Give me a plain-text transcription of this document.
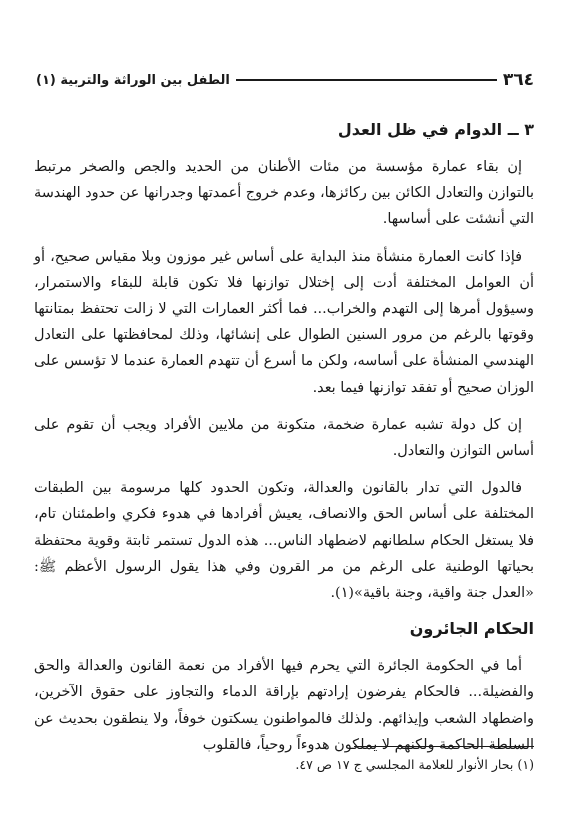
٣٦٤
الطفل بين الوراثة والتربية (١)
٣ ــ الدوام في ظل العدل

إن بقاء عمارة مؤسسة من مئات الأطنان من الحديد والجص والصخر مرتبط بالتوازن والتعادل الكائن بين ركائزها، وعدم خروج أعمدتها وجدرانها عن حدود الهندسة التي أنشئت على أساسها.

فإذا كانت العمارة منشأة منذ البداية على أساس غير موزون وبلا مقياس صحيح، أو أن العوامل المختلفة أدت إلى إختلال توازنها فلا تكون قابلة للبقاء والاستمرار، وسيؤول أمرها إلى التهدم والخراب... فما أكثر العمارات التي لا زالت تحتفظ بمتانتها وقوتها بالرغم من مرور السنين الطوال على إنشائها، وذلك لمحافظتها على التعادل الهندسي المنشأة على أساسه، ولكن ما أسرع أن تتهدم العمارة عندما لا تؤسس على الوزان صحيح أو تفقد توازنها فيما بعد.

إن كل دولة تشبه عمارة ضخمة، متكونة من ملايين الأفراد ويجب أن تقوم على أساس التوازن والتعادل.

فالدول التي تدار بالقانون والعدالة، وتكون الحدود كلها مرسومة بين الطبقات المختلفة على أساس الحق والانصاف، يعيش أفرادها في هدوء فكري واطمئنان تام، فلا يستغل الحكام سلطانهم لاضطهاد الناس... هذه الدول تستمر ثابتة وقوية محتفظة بحياتها الوطنية على الرغم من مر القرون وفي هذا يقول الرسول الأعظم ﷺ: «العدل جنة واقية، وجنة باقية»(١).

الحكام الجائرون

أما في الحكومة الجائرة التي يحرم فيها الأفراد من نعمة القانون والعدالة والحق والفضيلة... فالحكام يفرضون إرادتهم بإراقة الدماء والتجاوز على حقوق الآخرين، واضطهاد الشعب وإيذائهم. ولذلك فالمواطنون يسكتون خوفاً، ولا ينطقون بحديث عن السلطة الحاكمة ولكنهم لا يملكون هدوءاً روحياً، فالقلوب

(١) بحار الأنوار للعلامة المجلسي ج ١٧ ص ٤٧.
